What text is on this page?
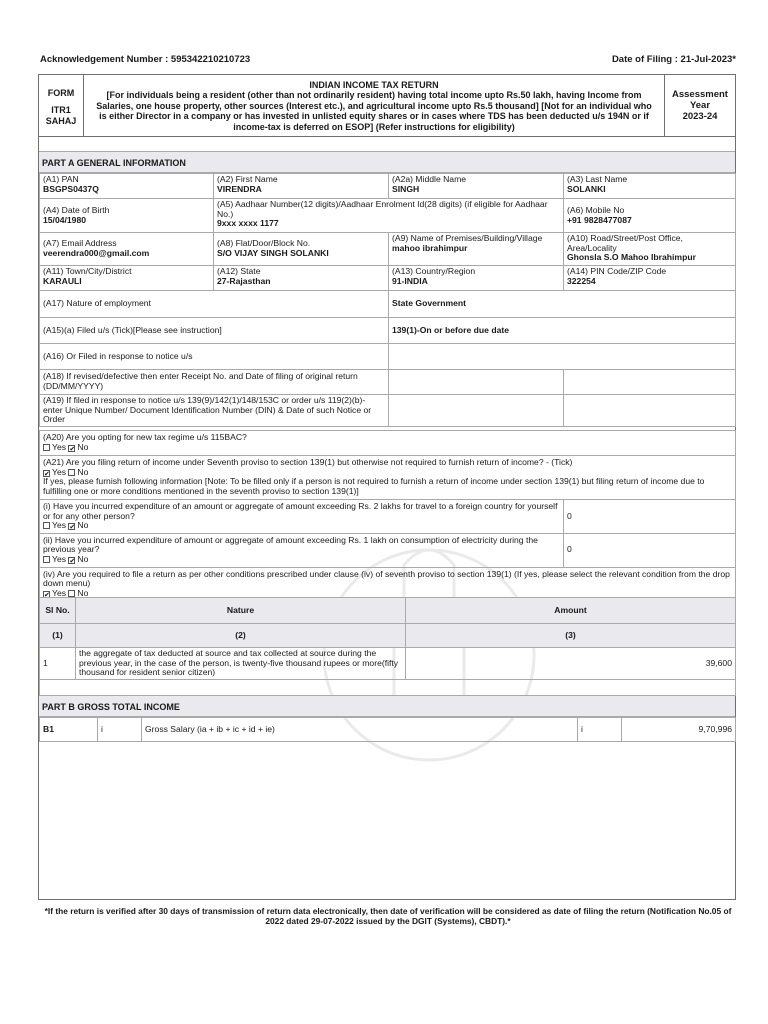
Acknowledgement Number : 595342210210723	Date of Filing : 21-Jul-2023*
FORM
ITR1
SAHAJ

INDIAN INCOME TAX RETURN
[For individuals being a resident (other than not ordinarily resident) having total income upto Rs.50 lakh, having Income from Salaries, one house property, other sources (Interest etc.), and agricultural income upto Rs.5 thousand] [Not for an individual who is either Director in a company or has invested in unlisted equity shares or in cases where TDS has been deducted u/s 194N or if income-tax is deferred on ESOP] (Refer instructions for eligibility)

Assessment
Year
2023-24
PART A GENERAL INFORMATION
(A1) PAN
BSGPS0437Q	(A2) First Name
VIRENDRA	(A2a) Middle Name
SINGH	(A3) Last Name
SOLANKI

(A4) Date of Birth
15/04/1980	(A5) Aadhaar Number(12 digits)/Aadhaar Enrolment Id(28 digits) (if eligible for Aadhaar No.)
9xxx xxxx 1177		(A6) Mobile No
+91 9828477087

(A7) Email Address
veerendra000@gmail.com	(A8) Flat/Door/Block No.
S/O VIJAY SINGH SOLANKI	(A9) Name of Premises/Building/Village
mahoo ibrahimpur	(A10) Road/Street/Post Office, Area/Locality
Ghonsla S.O Mahoo Ibrahimpur

(A11) Town/City/District
KARAULI	(A12) State
27-Rajasthan	(A13) Country/Region
91-INDIA	(A14) PIN Code/ZIP Code
322254

(A17) Nature of employment		State Government	
(A15)(a) Filed u/s (Tick)[Please see instruction]		139(1)-On or before due date	
(A16) Or Filed in response to notice u/s			
(A18) If revised/defective then enter Receipt No. and Date of filing of original return (DD/MM/YYYY)			
(A19) If filed in response to notice u/s 139(9)/142(1)/148/153C or order u/s 119(2)(b)- enter Unique Number/ Document Identification Number (DIN) & Date of such Notice or Order			
(A20) Are you opting for new tax regime u/s 115BAC?
Yes ✔ No

(A21) Are you filing return of income under Seventh proviso to section 139(1) but otherwise not required to furnish return of income? - (Tick)
✔Yes No
If yes, please furnish following information [Note: To be filled only if a person is not required to furnish a return of income under section 139(1) but filing return of income due to fulfilling one or more conditions mentioned in the seventh proviso to section 139(1)]

(i) Have you incurred expenditure of an amount or aggregate of amount exceeding Rs. 2 lakhs for travel to a foreign country for yourself or for any other person?
Yes ✔ No	0

(ii) Have you incurred expenditure of amount or aggregate of amount exceeding Rs. 1 lakh on consumption of electricity during the previous year?
Yes ✔ No	0

(iv) Are you required to file a return as per other conditions prescribed under clause (iv) of seventh proviso to section 139(1) (If yes, please select the relevant condition from the drop down menu)
✔Yes No
Sl No.	Nature	Amount
(1)	(2)	(3)
1	the aggregate of tax deducted at source and tax collected at source during the previous year, in the case of the person, is twenty-five thousand rupees or more(fifty thousand for resident senior citizen)	39,600

PART B GROSS TOTAL INCOME
B1	i	Gross Salary (ia + ib + ic + id + ie)	i	9,70,996
*If the return is verified after 30 days of transmission of return data electronically, then date of verification will be considered as date of filing the return (Notification No.05 of 2022 dated 29-07-2022 issued by the DGIT (Systems), CBDT).*
